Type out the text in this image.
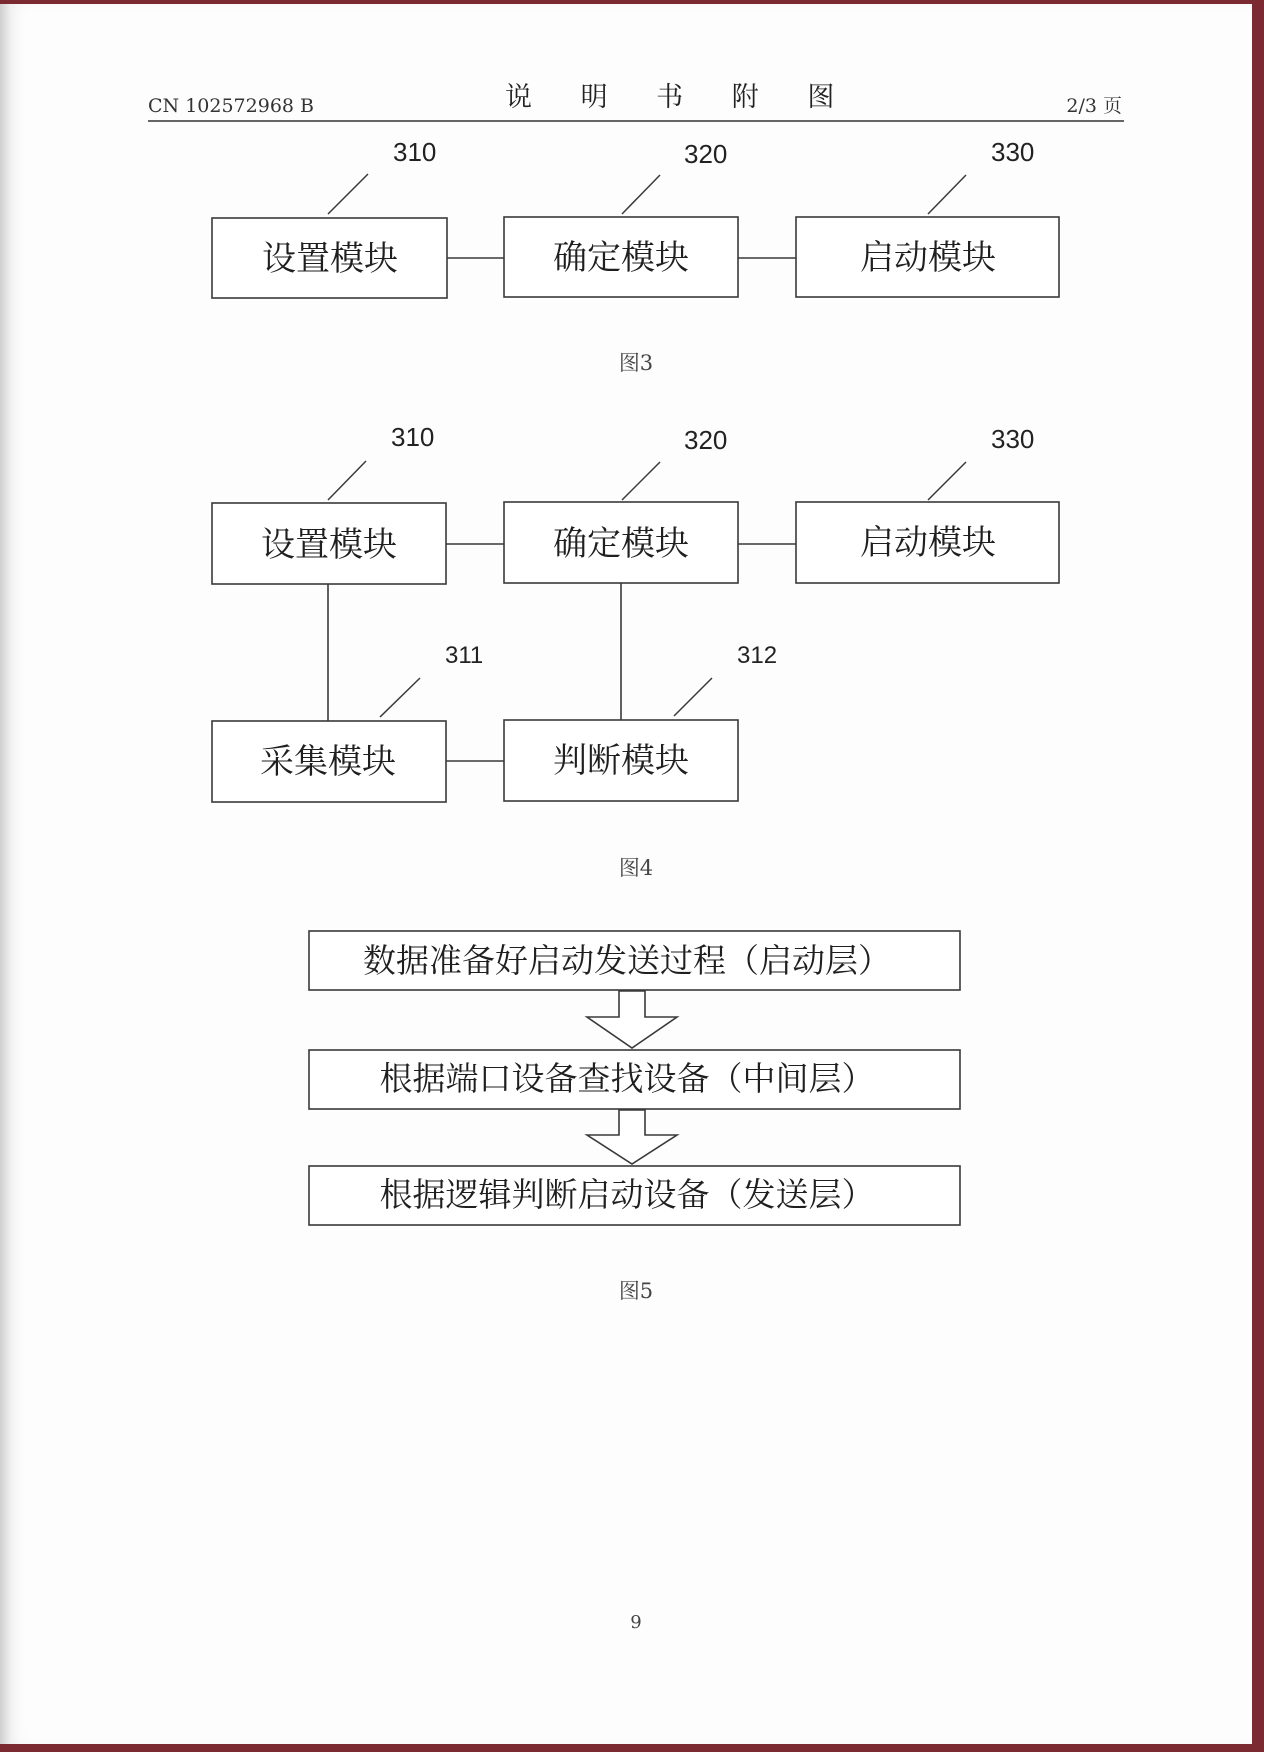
CN 102572968 B	说 明 书 附 图	2/3 页
设置模块	确定模块	启动模块
310	320	330
图3
设置模块	确定模块	启动模块
采集模块	判断模块
310	320	330
311	312
图4
数据准备好启动发送过程（启动层）
根据端口设备查找设备（中间层）
根据逻辑判断启动设备（发送层）
图5
9
